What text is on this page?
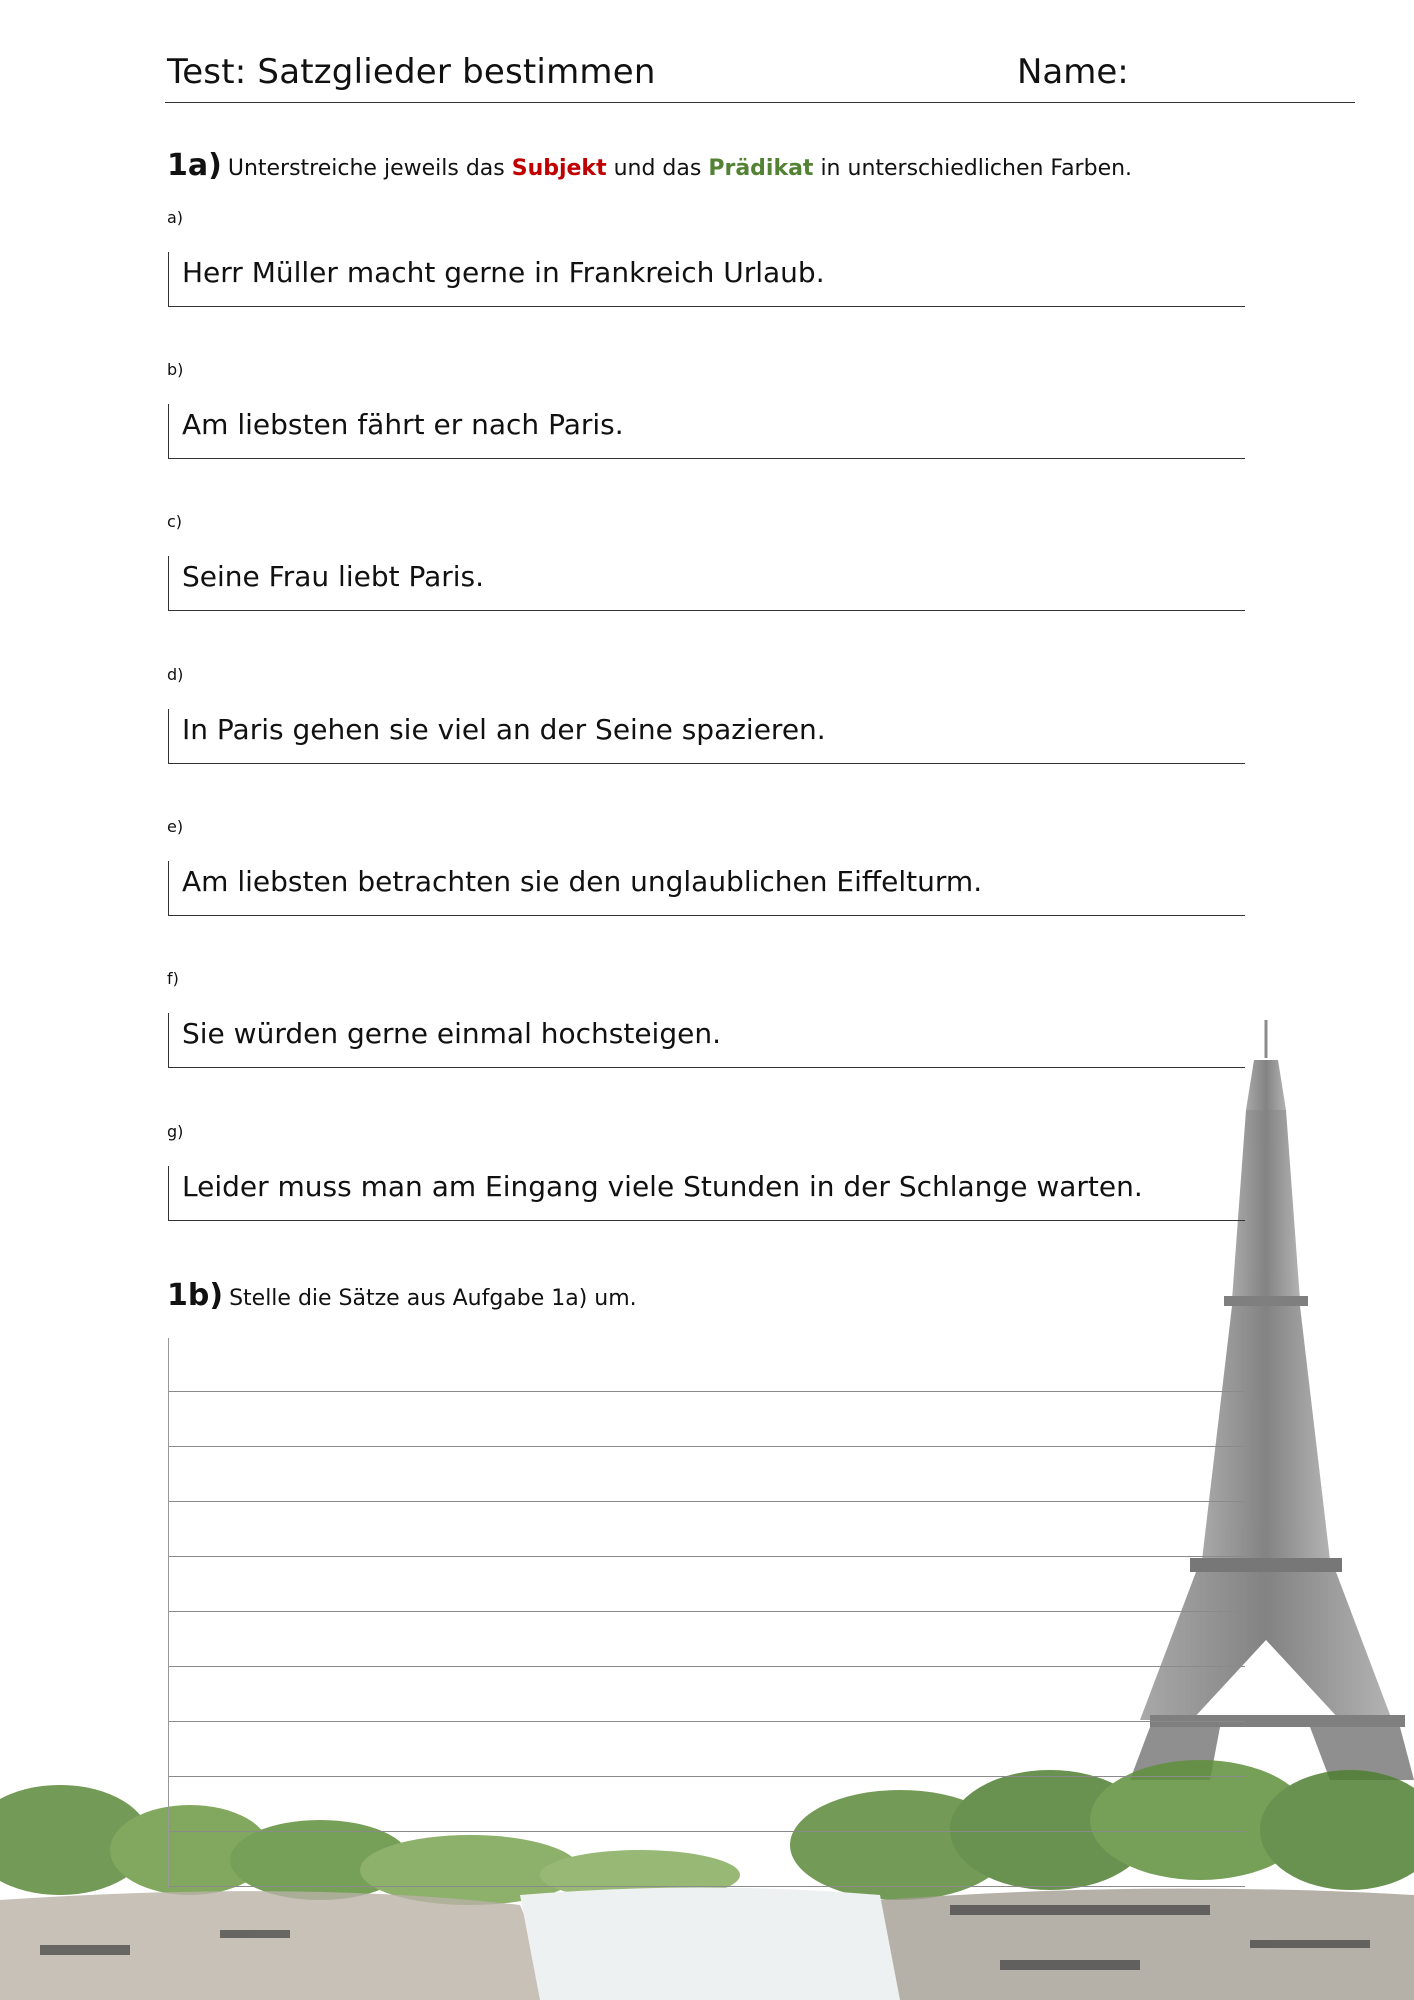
Test: Satzglieder bestimmen	Name:
1a) Unterstreiche jeweils das Subjekt und das Prädikat in unterschiedlichen Farben.
a)
Herr Müller macht gerne in Frankreich Urlaub.
b)
Am liebsten fährt er nach Paris.
c)
Seine Frau liebt Paris.
d)
In Paris gehen sie viel an der Seine spazieren.
e)
Am liebsten betrachten sie den unglaublichen Eiffelturm.
f)
Sie würden gerne einmal hochsteigen.
g)
Leider muss man am Eingang viele Stunden in der Schlange warten.
1b) Stelle die Sätze aus Aufgabe 1a) um.
